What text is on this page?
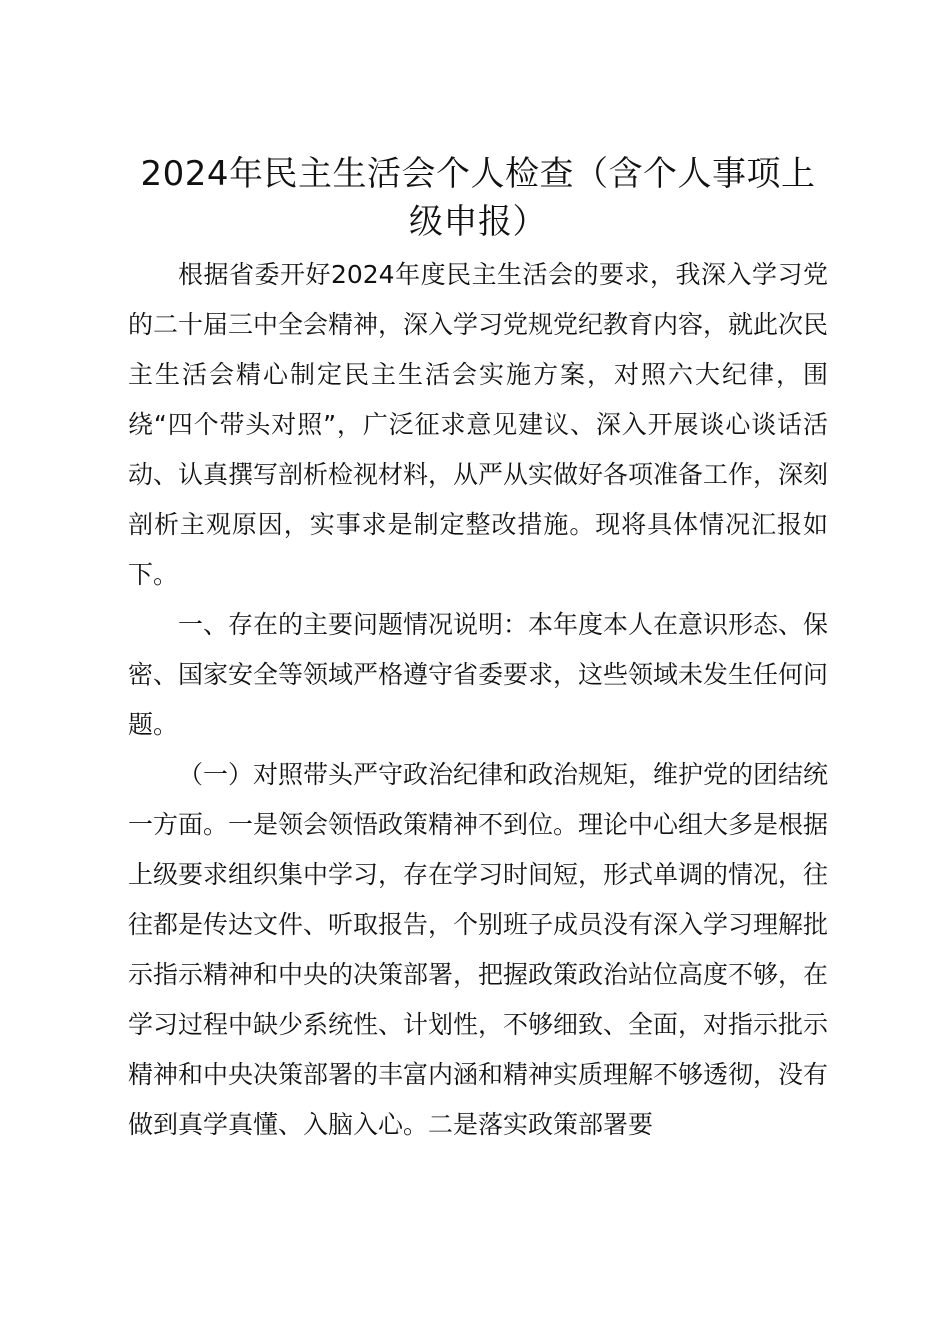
2024年民主生活会个人检查（含个人事项上级申报）

根据省委开好2024年度民主生活会的要求，我深入学习党的二十届三中全会精神，深入学习党规党纪教育内容，就此次民主生活会精心制定民主生活会实施方案，对照六大纪律，围绕“四个带头对照”，广泛征求意见建议、深入开展谈心谈话活动、认真撰写剖析检视材料，从严从实做好各项准备工作，深刻剖析主观原因，实事求是制定整改措施。现将具体情况汇报如下。

一、存在的主要问题情况说明：本年度本人在意识形态、保密、国家安全等领域严格遵守省委要求，这些领域未发生任何问题。

（一）对照带头严守政治纪律和政治规矩，维护党的团结统一方面。一是领会领悟政策精神不到位。理论中心组大多是根据上级要求组织集中学习，存在学习时间短，形式单调的情况，往往都是传达文件、听取报告，个别班子成员没有深入学习理解批示指示精神和中央的决策部署，把握政策政治站位高度不够，在学习过程中缺少系统性、计划性，不够细致、全面，对指示批示精神和中央决策部署的丰富内涵和精神实质理解不够透彻，没有做到真学真懂、入脑入心。二是落实政策部署要
